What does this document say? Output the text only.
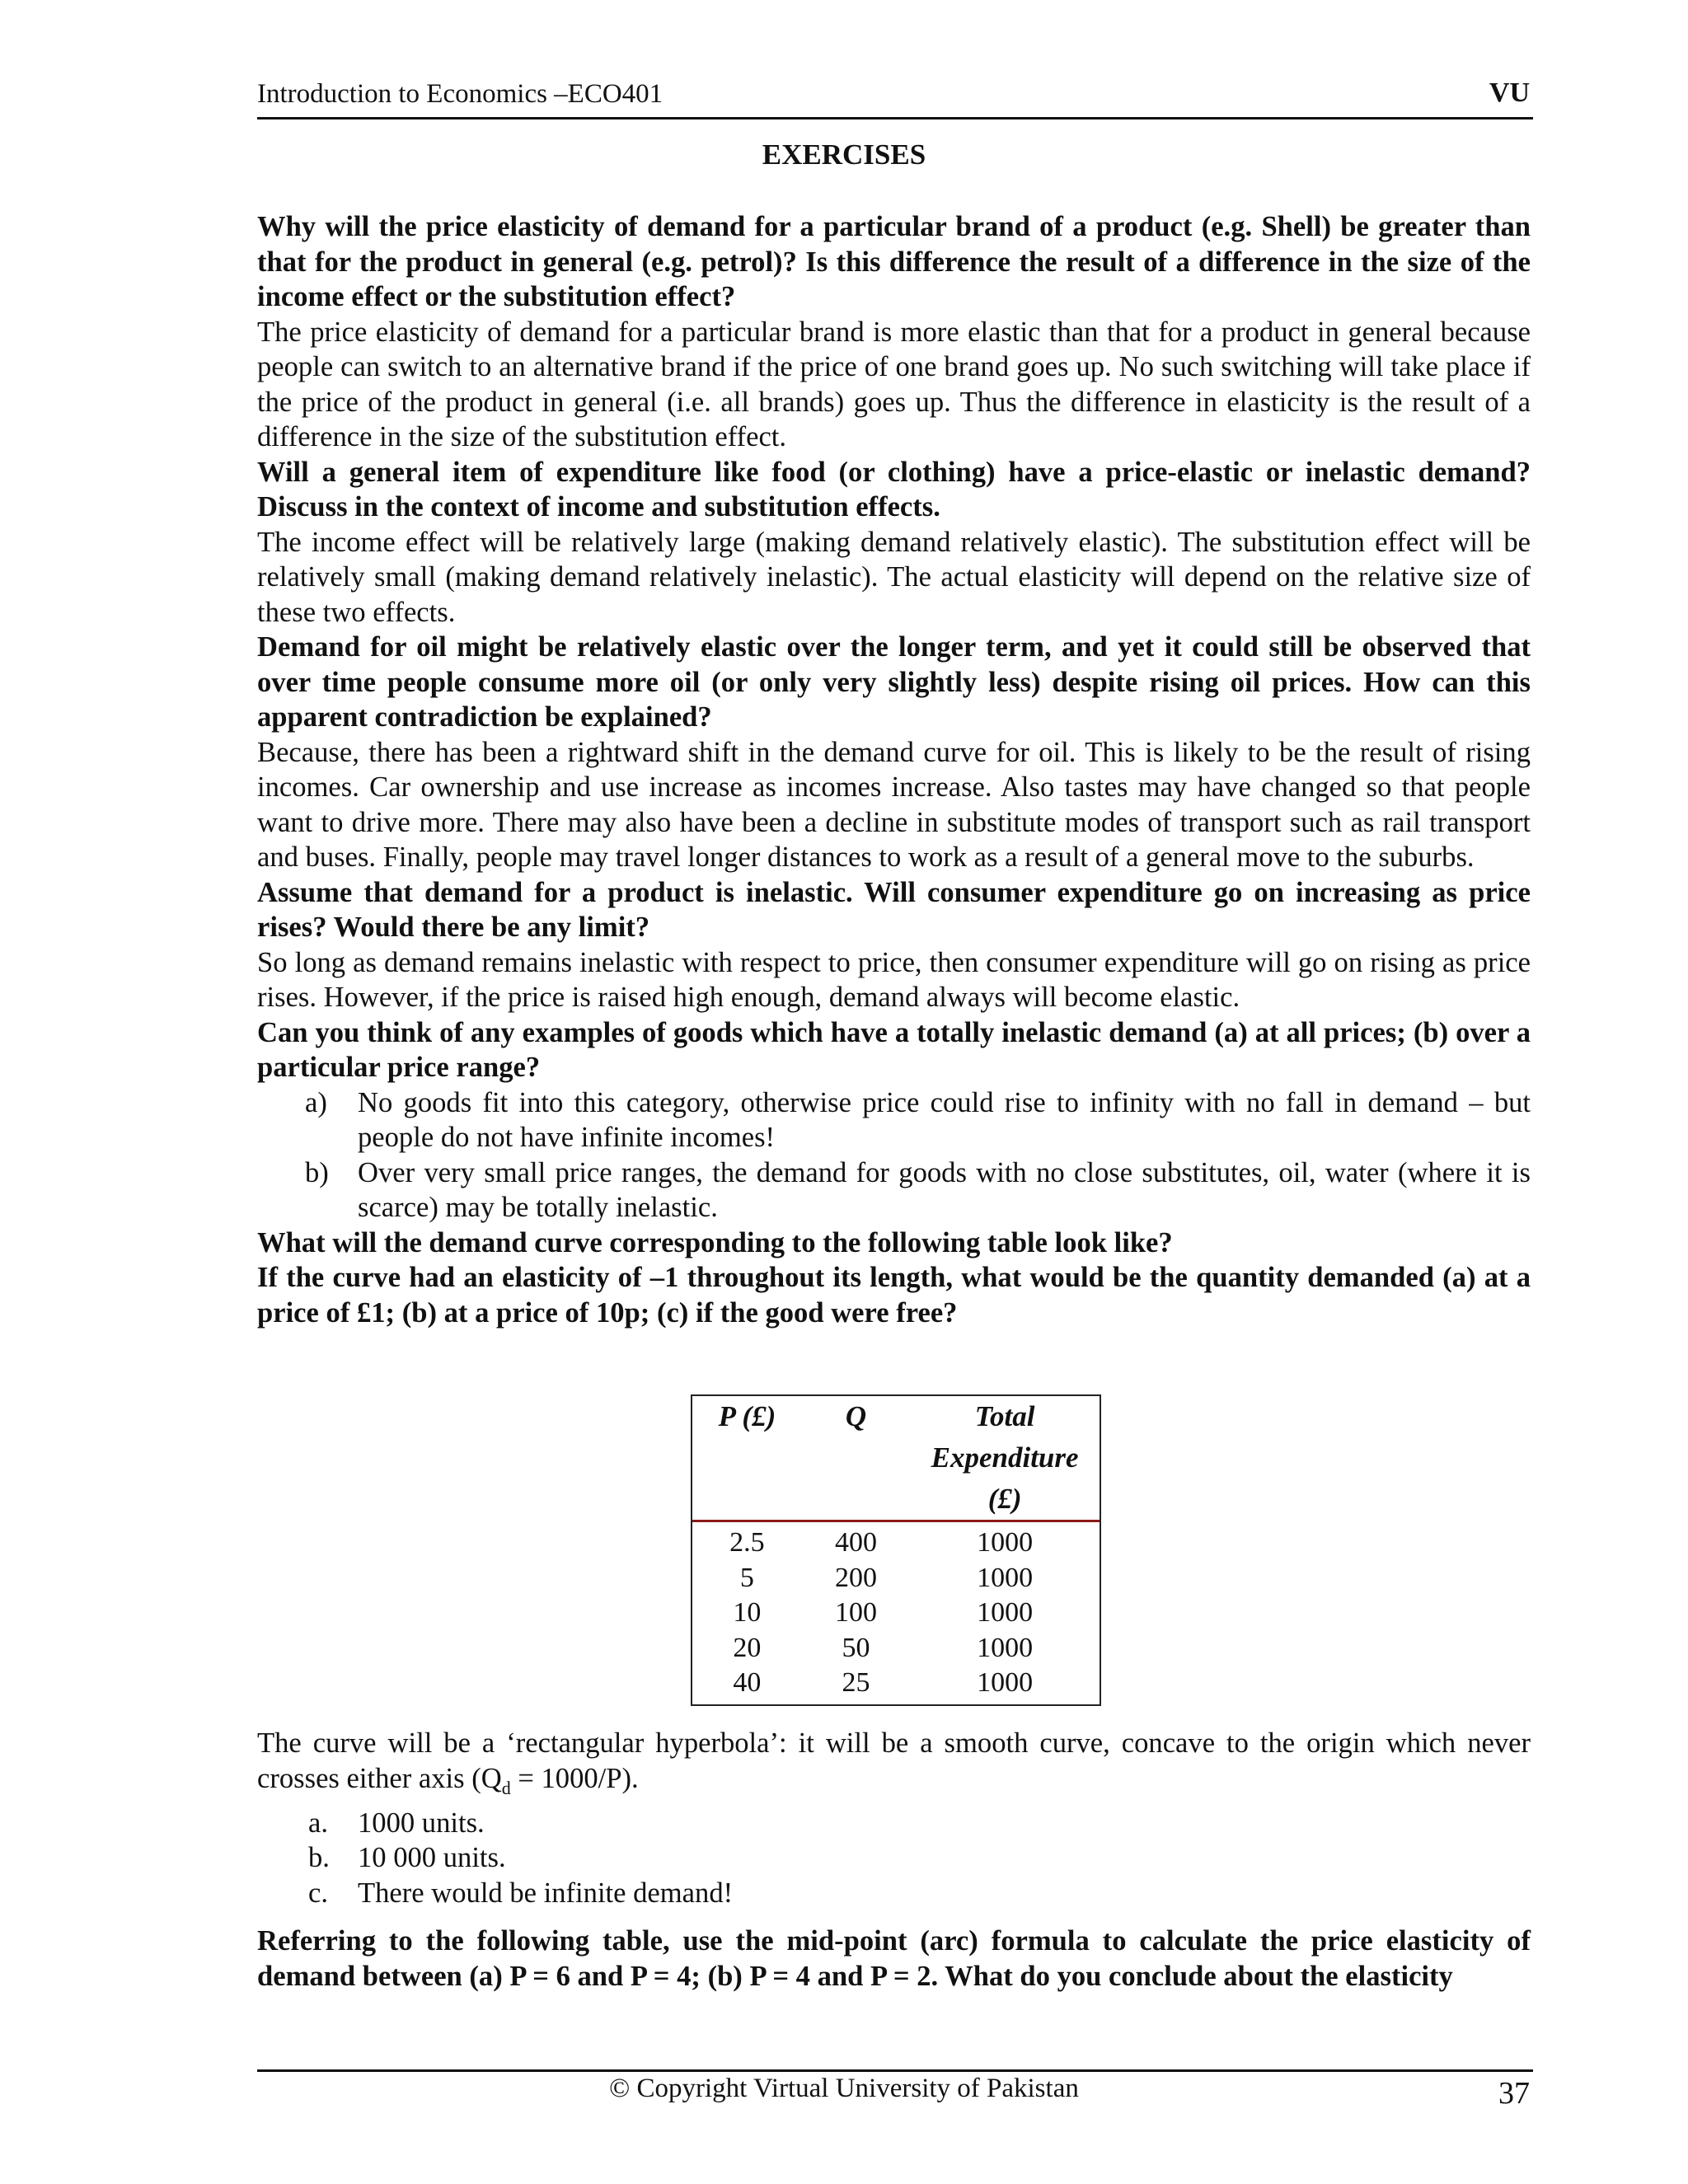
Introduction to Economics –ECO401	VU
EXERCISES

Why will the price elasticity of demand for a particular brand of a product (e.g. Shell) be greater than that for the product in general (e.g. petrol)? Is this difference the result of a difference in the size of the income effect or the substitution effect?

The price elasticity of demand for a particular brand is more elastic than that for a product in general because people can switch to an alternative brand if the price of one brand goes up. No such switching will take place if the price of the product in general (i.e. all brands) goes up. Thus the difference in elasticity is the result of a difference in the size of the substitution effect.

Will a general item of expenditure like food (or clothing) have a price-elastic or inelastic demand? Discuss in the context of income and substitution effects.

The income effect will be relatively large (making demand relatively elastic). The substitution effect will be relatively small (making demand relatively inelastic). The actual elasticity will depend on the relative size of these two effects.

Demand for oil might be relatively elastic over the longer term, and yet it could still be observed that over time people consume more oil (or only very slightly less) despite rising oil prices. How can this apparent contradiction be explained?

Because, there has been a rightward shift in the demand curve for oil. This is likely to be the result of rising incomes. Car ownership and use increase as incomes increase. Also tastes may have changed so that people want to drive more. There may also have been a decline in substitute modes of transport such as rail transport and buses. Finally, people may travel longer distances to work as a result of a general move to the suburbs.

Assume that demand for a product is inelastic. Will consumer expenditure go on increasing as price rises? Would there be any limit?

So long as demand remains inelastic with respect to price, then consumer expenditure will go on rising as price rises. However, if the price is raised high enough, demand always will become elastic.

Can you think of any examples of goods which have a totally inelastic demand (a) at all prices; (b) over a particular price range?

a) No goods fit into this category, otherwise price could rise to infinity with no fall in demand – but people do not have infinite incomes!
b) Over very small price ranges, the demand for goods with no close substitutes, oil, water (where it is scarce) may be totally inelastic.

What will the demand curve corresponding to the following table look like?

If the curve had an elasticity of –1 throughout its length, what would be the quantity demanded (a) at a price of £1; (b) at a price of 10p; (c) if the good were free?

P (£)	Q	Total Expenditure (£)
2.5	400	1000
5	200	1000
10	100	1000
20	50	1000
40	25	1000

The curve will be a ‘rectangular hyperbola’: it will be a smooth curve, concave to the origin which never crosses either axis $(Q_d = 1000/P)$.

a. 1000 units.
b. 10 000 units.
c. There would be infinite demand!

Referring to the following table, use the mid-point (arc) formula to calculate the price elasticity of demand between (a) P = 6 and P = 4; (b) P = 4 and P = 2. What do you conclude about the elasticity

© Copyright Virtual University of Pakistan	37
